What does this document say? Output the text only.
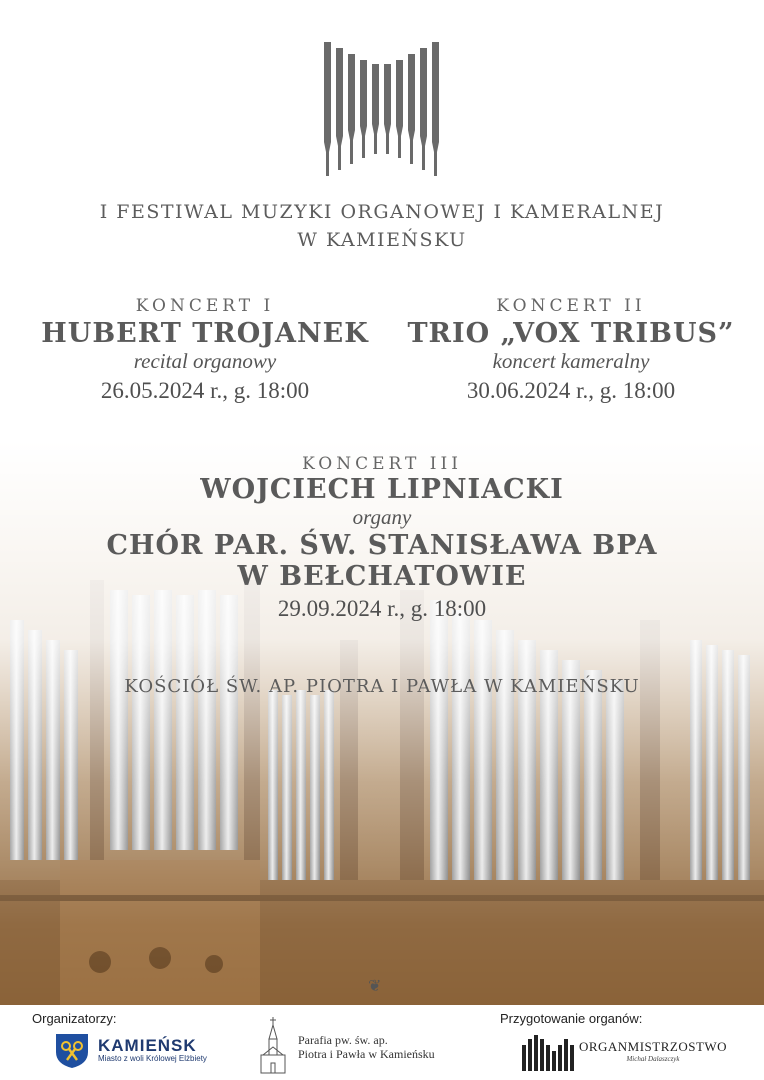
I FESTIWAL MUZYKI ORGANOWEJ I KAMERALNEJ
W KAMIEŃSKU
KONCERT I
HUBERT TROJANEK
recital organowy
26.05.2024 r., g. 18:00
KONCERT II
TRIO „VOX TRIBUS”
koncert kameralny
30.06.2024 r., g. 18:00
KONCERT III
WOJCIECH LIPNIACKI
organy
CHÓR PAR. ŚW. STANISŁAWA BPA
W BEŁCHATOWIE
29.09.2024 r., g. 18:00
KOŚCIÓŁ ŚW. AP. PIOTRA I PAWŁA W KAMIEŃSKU
❦
Organizatorzy:
KAMIEŃSK
Miasto z woli Królowej Elżbiety
Parafia pw. św. ap.
Piotra i Pawła w Kamieńsku
Przygotowanie organów:
ORGANMISTRZOSTWO
Michał Dalaszczyk
